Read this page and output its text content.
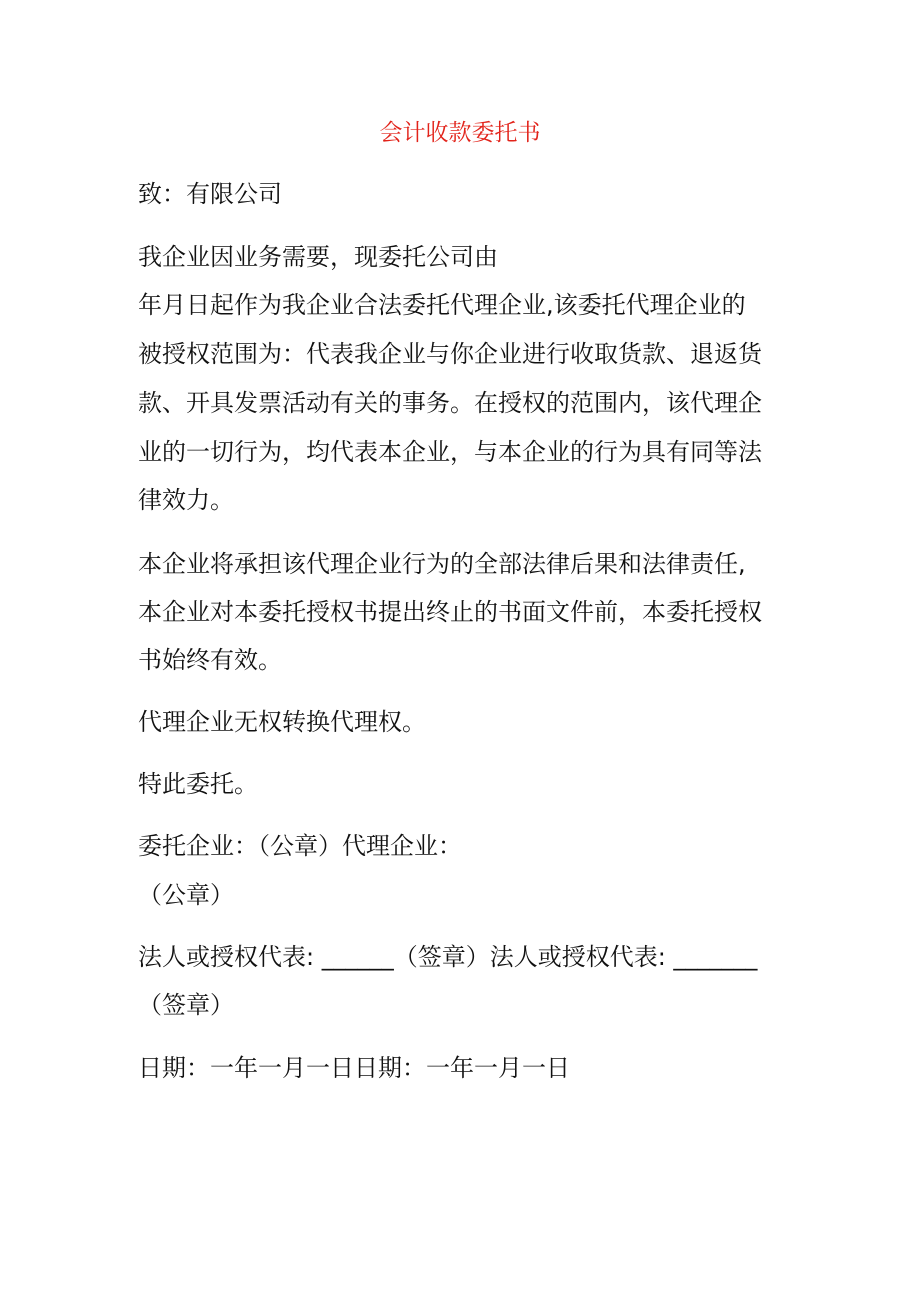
会计收款委托书
致：有限公司
我企业因业务需要，现委托公司由
年月日起作为我企业合法委托代理企业,该委托代理企业的
被授权范围为：代表我企业与你企业进行收取货款、退返货
款、开具发票活动有关的事务。在授权的范围内，该代理企
业的一切行为，均代表本企业，与本企业的行为具有同等法
律效力。
本企业将承担该代理企业行为的全部法律后果和法律责任,
本企业对本委托授权书提出终止的书面文件前，本委托授权
书始终有效。
代理企业无权转换代理权。
特此委托。
委托企业：（公章）代理企业：
（公章）
法人或授权代表: ______（签章）法人或授权代表: _______
（签章）
日期：一年一月一日日期：一年一月一日
